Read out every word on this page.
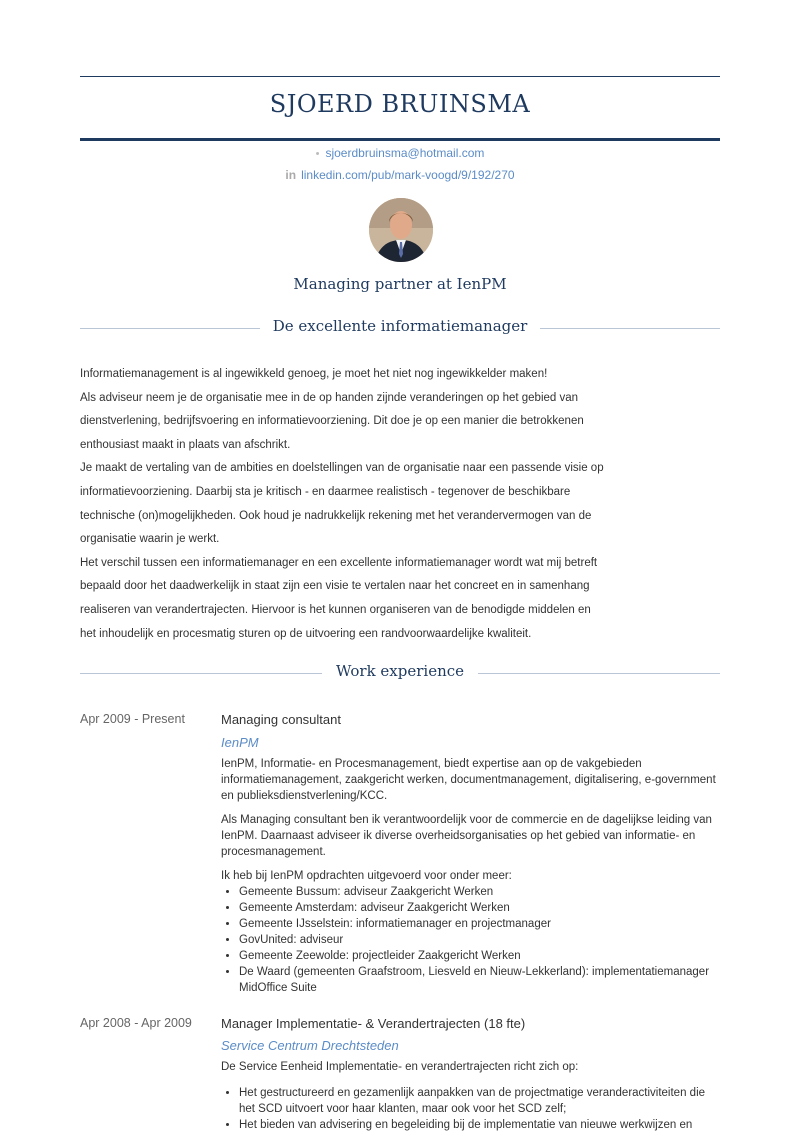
SJOERD BRUINSMA
• sjoerdbruinsma@hotmail.com
in linkedin.com/pub/mark-voogd/9/192/270
Managing partner at IenPM
De excellente informatiemanager
Informatiemanagement is al ingewikkeld genoeg, je moet het niet nog ingewikkelder maken!
Als adviseur neem je de organisatie mee in de op handen zijnde veranderingen op het gebied van
dienstverlening, bedrijfsvoering en informatievoorziening. Dit doe je op een manier die betrokkenen
enthousiast maakt in plaats van afschrikt.
Je maakt de vertaling van de ambities en doelstellingen van de organisatie naar een passende visie op
informatievoorziening. Daarbij sta je kritisch - en daarmee realistisch - tegenover de beschikbare
technische (on)mogelijkheden. Ook houd je nadrukkelijk rekening met het verandervermogen van de
organisatie waarin je werkt.
Het verschil tussen een informatiemanager en een excellente informatiemanager wordt wat mij betreft
bepaald door het daadwerkelijk in staat zijn een visie te vertalen naar het concreet en in samenhang
realiseren van verandertrajecten. Hiervoor is het kunnen organiseren van de benodigde middelen en
het inhoudelijk en procesmatig sturen op de uitvoering een randvoorwaardelijke kwaliteit.
Work experience
Apr 2009 - Present	Managing consultant
IenPM

IenPM, Informatie- en Procesmanagement, biedt expertise aan op de vakgebieden informatiemanagement, zaakgericht werken, documentmanagement, digitalisering, e-government en publieksdienstverlening/KCC.

Als Managing consultant ben ik verantwoordelijk voor de commercie en de dagelijkse leiding van IenPM. Daarnaast adviseer ik diverse overheidsorganisaties op het gebied van informatie- en procesmanagement.

Ik heb bij IenPM opdrachten uitgevoerd voor onder meer:

• Gemeente Bussum: adviseur Zaakgericht Werken
• Gemeente Amsterdam: adviseur Zaakgericht Werken
• Gemeente IJsselstein: informatiemanager en projectmanager
• GovUnited: adviseur
• Gemeente Zeewolde: projectleider Zaakgericht Werken
• De Waard (gemeenten Graafstroom, Liesveld en Nieuw-Lekkerland): implementatiemanager MidOffice Suite
Apr 2008 - Apr 2009 Manager Implementatie- & Verandertrajecten (18 fte)
Service Centrum Drechtsteden

De Service Eenheid Implementatie- en verandertrajecten richt zich op:

• Het gestructureerd en gezamenlijk aanpakken van de projectmatige veranderactiviteiten die het SCD uitvoert voor haar klanten, maar ook voor het SCD zelf;
• Het bieden van advisering en begeleiding bij de implementatie van nieuwe werkwijzen en
